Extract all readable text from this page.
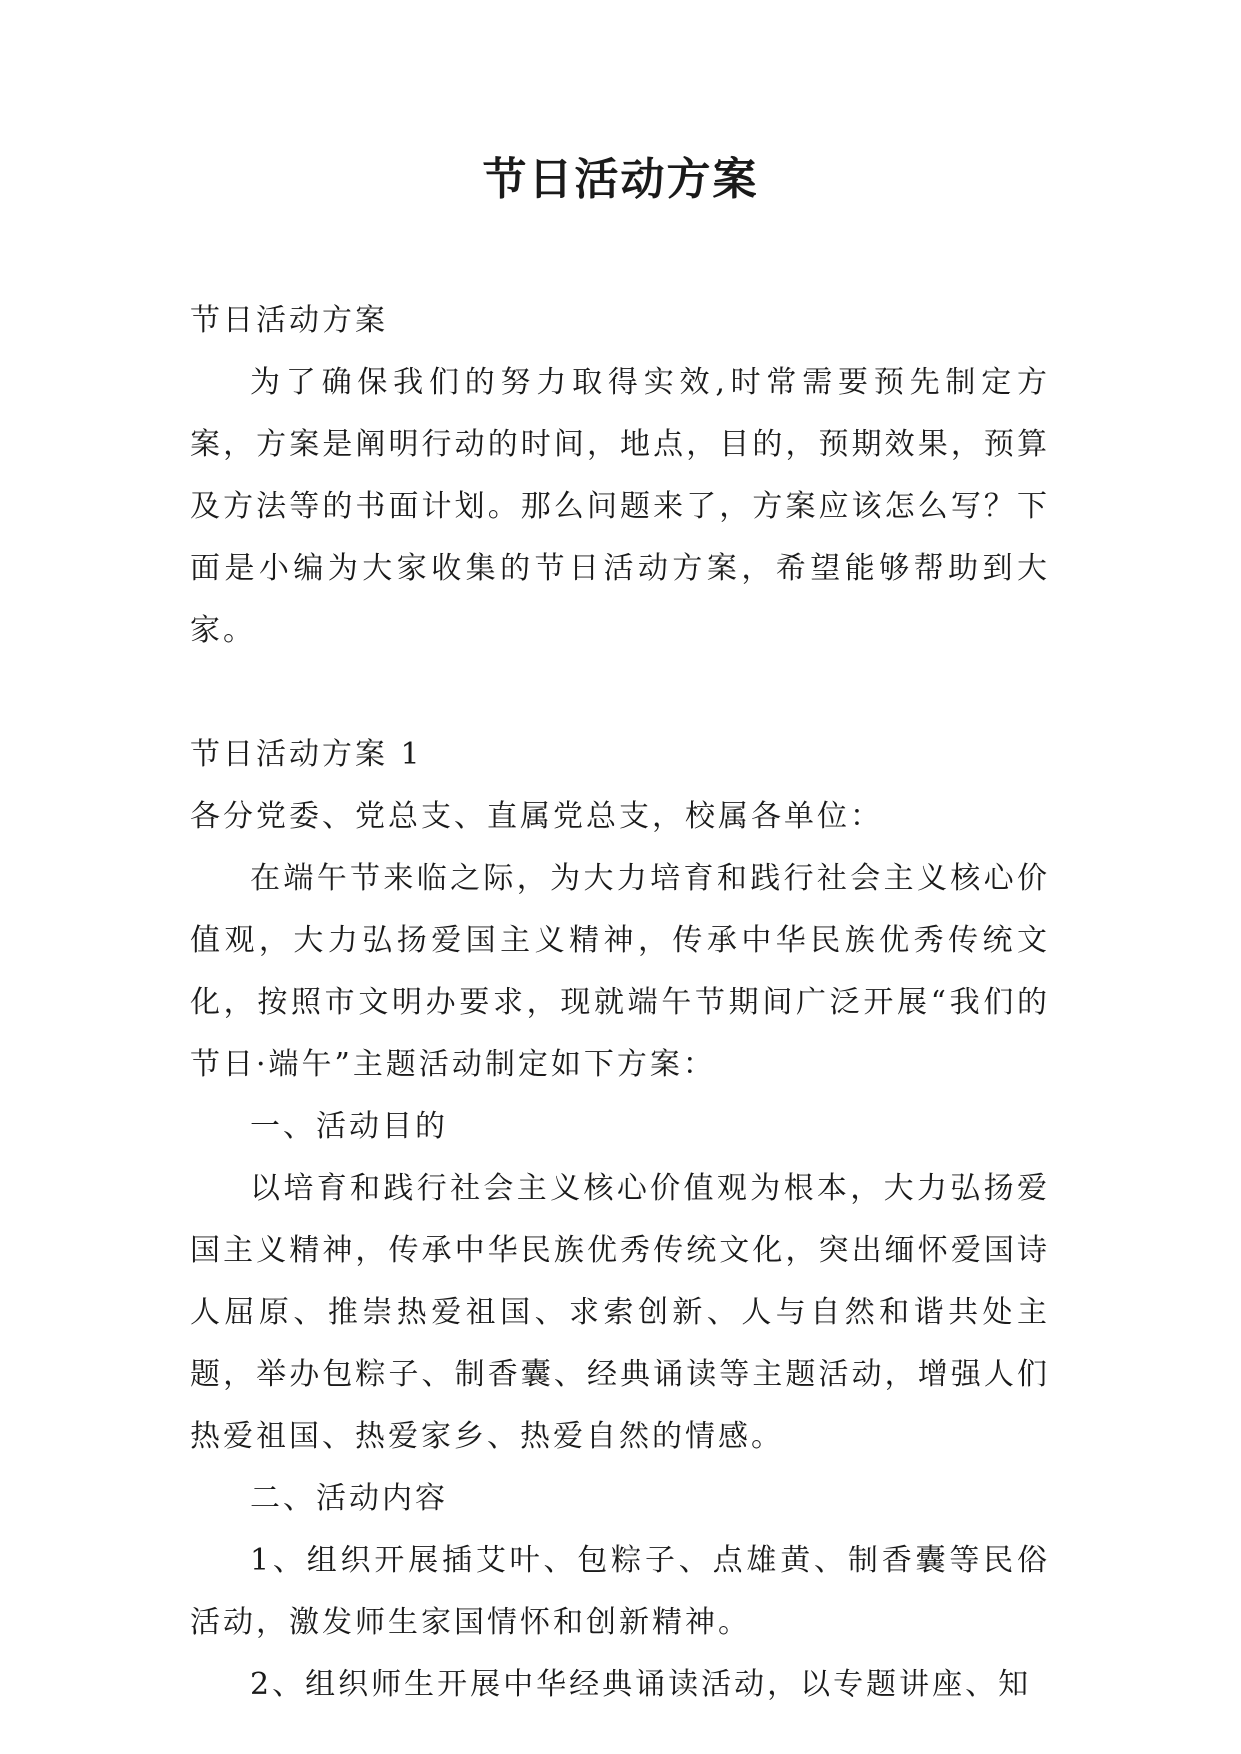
节日活动方案

节日活动方案

为了确保我们的努力取得实效,时常需要预先制定方案，方案是阐明行动的时间，地点，目的，预期效果，预算及方法等的书面计划。那么问题来了，方案应该怎么写？下面是小编为大家收集的节日活动方案，希望能够帮助到大家。

节日活动方案 1

各分党委、党总支、直属党总支，校属各单位：

在端午节来临之际，为大力培育和践行社会主义核心价值观，大力弘扬爱国主义精神，传承中华民族优秀传统文化，按照市文明办要求，现就端午节期间广泛开展“我们的节日·端午”主题活动制定如下方案：

一、活动目的

以培育和践行社会主义核心价值观为根本，大力弘扬爱国主义精神，传承中华民族优秀传统文化，突出缅怀爱国诗人屈原、推崇热爱祖国、求索创新、人与自然和谐共处主题，举办包粽子、制香囊、经典诵读等主题活动，增强人们热爱祖国、热爱家乡、热爱自然的情感。

二、活动内容

1、组织开展插艾叶、包粽子、点雄黄、制香囊等民俗活动，激发师生家国情怀和创新精神。

2、组织师生开展中华经典诵读活动，以专题讲座、知
